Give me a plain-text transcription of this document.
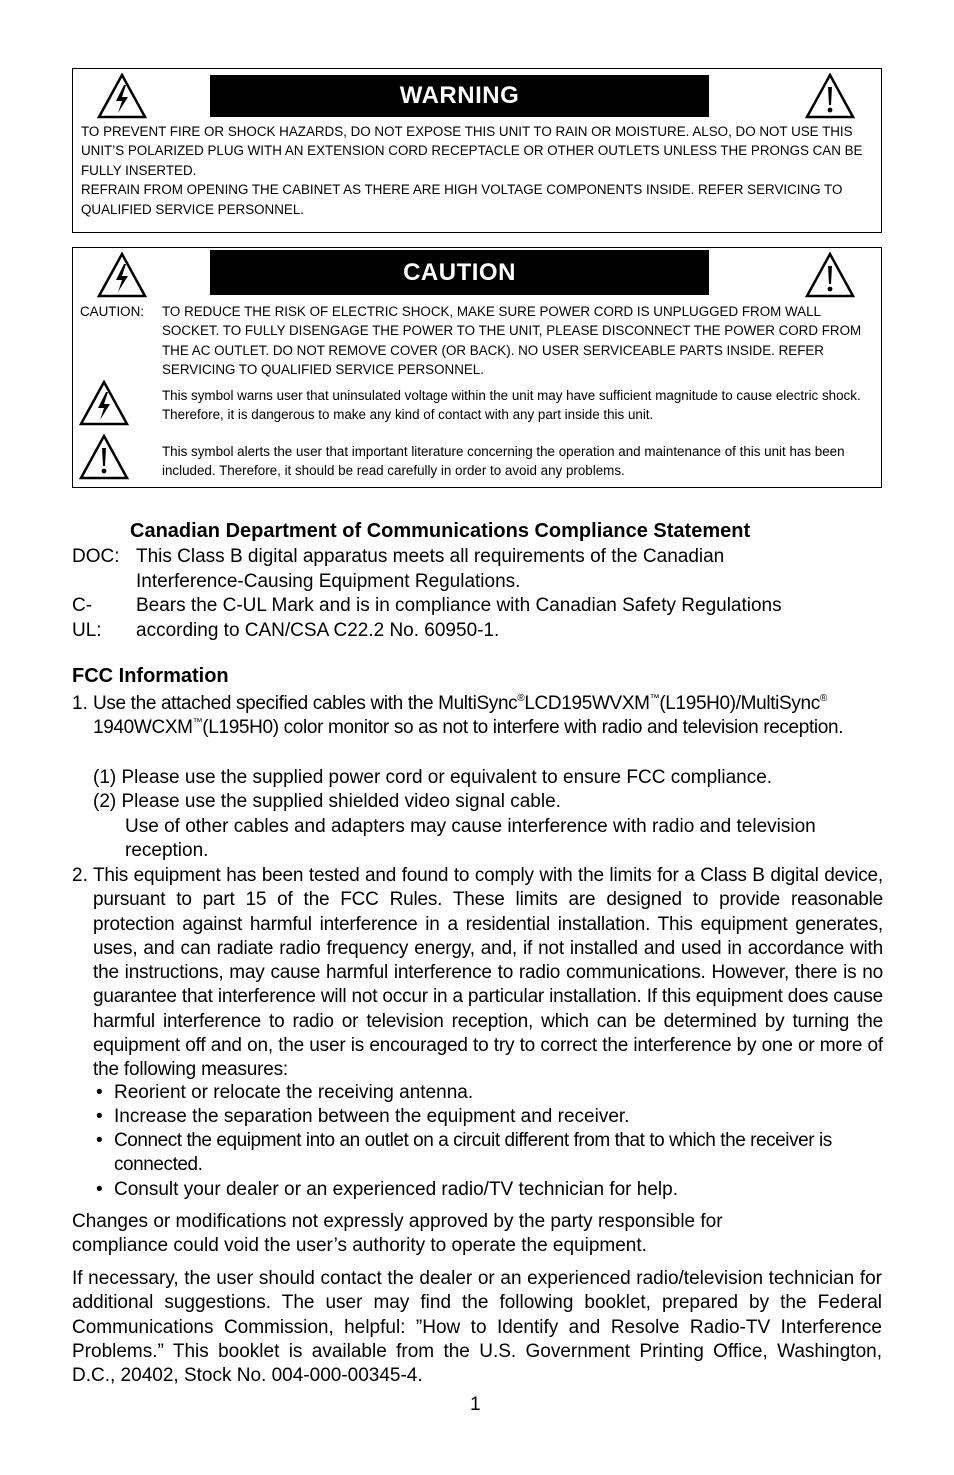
WARNING

TO PREVENT FIRE OR SHOCK HAZARDS, DO NOT EXPOSE THIS UNIT TO RAIN OR MOISTURE. ALSO, DO NOT USE THIS UNIT’S POLARIZED PLUG WITH AN EXTENSION CORD RECEPTACLE OR OTHER OUTLETS UNLESS THE PRONGS CAN BE FULLY INSERTED.

REFRAIN FROM OPENING THE CABINET AS THERE ARE HIGH VOLTAGE COMPONENTS INSIDE. REFER SERVICING TO QUALIFIED SERVICE PERSONNEL.

CAUTION
CAUTION: TO REDUCE THE RISK OF ELECTRIC SHOCK, MAKE SURE POWER CORD IS UNPLUGGED FROM WALL SOCKET. TO FULLY DISENGAGE THE POWER TO THE UNIT, PLEASE DISCONNECT THE POWER CORD FROM THE AC OUTLET. DO NOT REMOVE COVER (OR BACK). NO USER SERVICEABLE PARTS INSIDE. REFER SERVICING TO QUALIFIED SERVICE PERSONNEL.
This symbol warns user that uninsulated voltage within the unit may have sufficient magnitude to cause electric shock. Therefore, it is dangerous to make any kind of contact with any part inside this unit.
This symbol alerts the user that important literature concerning the operation and maintenance of this unit has been included. Therefore, it should be read carefully in order to avoid any problems.
Canadian Department of Communications Compliance Statement
DOC: This Class B digital apparatus meets all requirements of the Canadian Interference-Causing Equipment Regulations.
C-UL:
Bears the C-UL Mark and is in compliance with Canadian Safety Regulations according to CAN/CSA C22.2 No. 60950-1.
FCC Information
1. Use the attached specified cables with the MultiSync®LCD195WVXM™(L195H0)/MultiSync® 1940WCXM™(L195H0) color monitor so as not to interfere with radio and television reception.
(1) Please use the supplied power cord or equivalent to ensure FCC compliance.
(2) Please use the supplied shielded video signal cable.
Use of other cables and adapters may cause interference with radio and television reception.
2. This equipment has been tested and found to comply with the limits for a Class B digital device, pursuant to part 15 of the FCC Rules. These limits are designed to provide reasonable protection against harmful interference in a residential installation. This equipment generates, uses, and can radiate radio frequency energy, and, if not installed and used in accordance with the instructions, may cause harmful interference to radio communications. However, there is no guarantee that interference will not occur in a particular installation. If this equipment does cause harmful interference to radio or television reception, which can be determined by turning the equipment off and on, the user is encouraged to try to correct the interference by one or more of the following measures:
• Reorient or relocate the receiving antenna.
• Increase the separation between the equipment and receiver.
• Connect the equipment into an outlet on a circuit different from that to which the receiver is connected.
• Consult your dealer or an experienced radio/TV technician for help.
Changes or modifications not expressly approved by the party responsible for compliance could void the user’s authority to operate the equipment.
If necessary, the user should contact the dealer or an experienced radio/television technician for additional suggestions. The user may find the following booklet, prepared by the Federal Communications Commission, helpful: ”How to Identify and Resolve Radio-TV Interference Problems.” This booklet is available from the U.S. Government Printing Office, Washington, D.C., 20402, Stock No. 004-000-00345-4.
1
